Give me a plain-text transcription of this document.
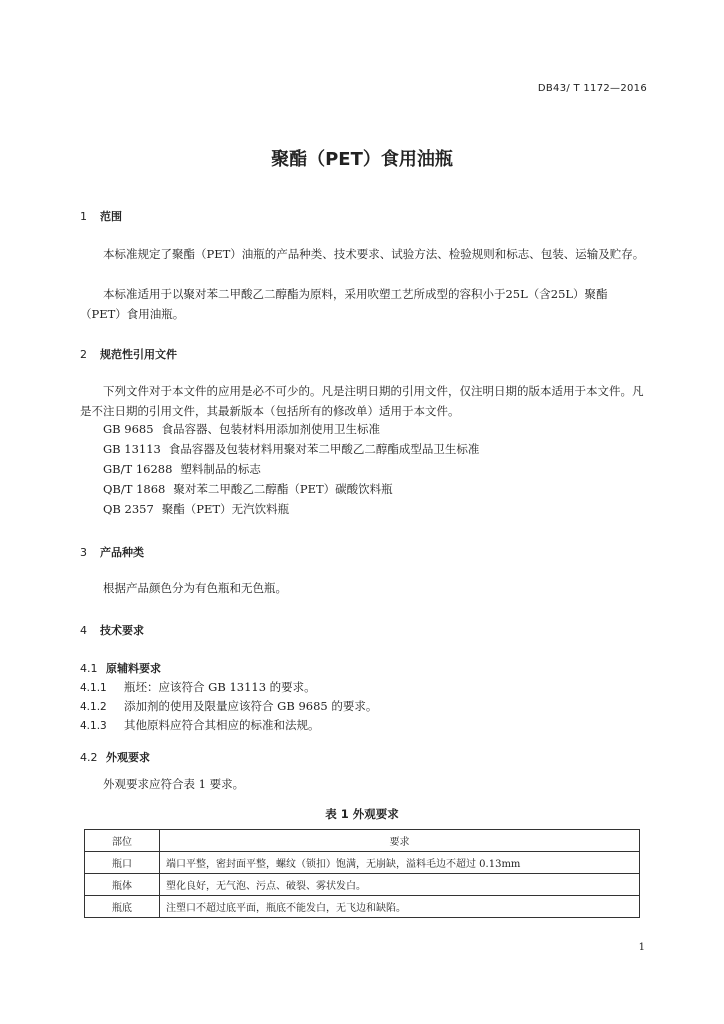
DB43/ T 1172—2016
聚酯（PET）食用油瓶
1 范围
本标准规定了聚酯（PET）油瓶的产品种类、技术要求、试验方法、检验规则和标志、包装、运输及贮存。
本标准适用于以聚对苯二甲酸乙二醇酯为原料，采用吹塑工艺所成型的容积小于25L（含25L）聚酯（PET）食用油瓶。
2 规范性引用文件
下列文件对于本文件的应用是必不可少的。凡是注明日期的引用文件，仅注明日期的版本适用于本文件。凡是不注日期的引用文件，其最新版本（包括所有的修改单）适用于本文件。
GB 9685 食品容器、包装材料用添加剂使用卫生标准
GB 13113 食品容器及包装材料用聚对苯二甲酸乙二醇酯成型品卫生标准
GB/T 16288 塑料制品的标志
QB/T 1868 聚对苯二甲酸乙二醇酯（PET）碳酸饮料瓶
QB 2357 聚酯（PET）无汽饮料瓶
3 产品种类
根据产品颜色分为有色瓶和无色瓶。
4 技术要求
4.1 原辅料要求
4.1.1 瓶坯：应该符合 GB 13113 的要求。
4.1.2 添加剂的使用及限量应该符合 GB 9685 的要求。
4.1.3 其他原料应符合其相应的标准和法规。
4.2 外观要求
外观要求应符合表 1 要求。
表 1 外观要求
部位	要求
瓶口	端口平整，密封面平整，螺纹（锁扣）饱满，无崩缺，溢料毛边不超过 0.13mm
瓶体	塑化良好，无气泡、污点、破裂、雾状发白。
瓶底	注塑口不超过底平面，瓶底不能发白，无飞边和缺陷。
1
